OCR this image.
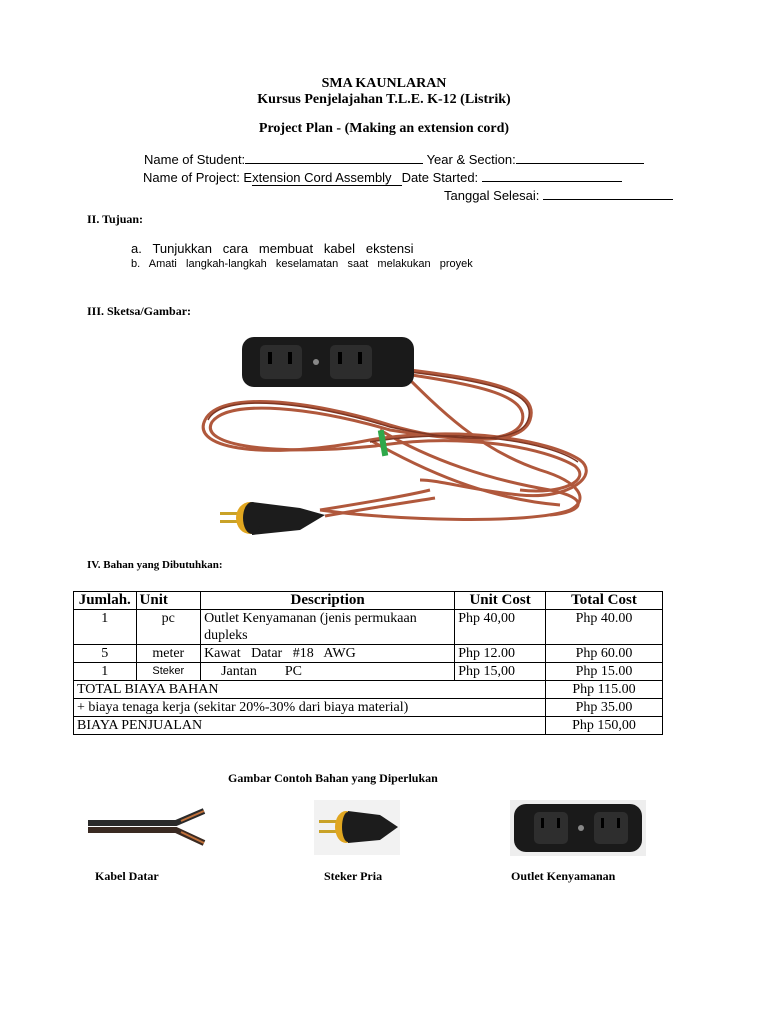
SMA KAUNLARAN
Kursus Penjelajahan T.L.E. K-12 (Listrik)
Project Plan - (Making an extension cord)
Name of Student:	Year & Section:
Name of Project: Extension Cord Assembly Date Started:
Tanggal Selesai:
II. Tujuan:
a.   Tunjukkan   cara   membuat   kabel   ekstensi
b.   Amati   langkah-langkah   keselamatan   saat   melakukan   proyek
III. Sketsa/Gambar:
IV. Bahan yang Dibutuhkan:
Jumlah.	Unit	Description	Unit Cost	Total Cost
1	pc	Outlet Kenyamanan (jenis permukaan dupleks	Php 40,00	Php 40.00
5	meter	Kawat   Datar   #18   AWG	Php 12.00	Php 60.00
1	Steker	Jantan        PC	Php 15,00	Php 15.00
TOTAL BIAYA BAHAN				Php 115.00
+ biaya tenaga kerja (sekitar 20%-30% dari biaya material)				Php 35.00
BIAYA PENJUALAN				Php 150,00
Gambar Contoh Bahan yang Diperlukan
Kabel Datar	Steker Pria	Outlet Kenyamanan
